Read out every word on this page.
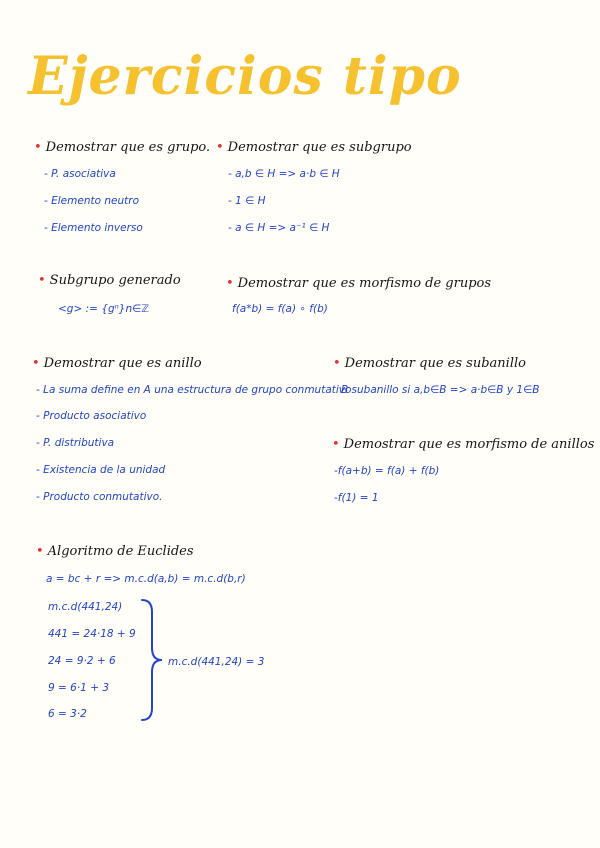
Ejercicios tipo
• Demostrar que es grupo.
- P. asociativa
- Elemento neutro
- Elemento inverso
• Demostrar que es subgrupo
- a,b ∈ H => a·b ∈ H
- 1 ∈ H
- a ∈ H => a⁻¹ ∈ H
• Subgrupo generado
<g> := {gⁿ}n∈ℤ
• Demostrar que es morfismo de grupos
f(a*b) = f(a) ∘ f(b)
• Demostrar que es anillo
- La suma define en A una estructura de grupo conmutativo
- Producto asociativo
- P. distributiva
- Existencia de la unidad
- Producto conmutativo.
• Demostrar que es subanillo
B subanillo si a,b∈B => a·b∈B y 1∈B
• Demostrar que es morfismo de anillos
-f(a+b) = f(a) + f(b)
-f(1) = 1
• Algoritmo de Euclides
a = bc + r => m.c.d(a,b) = m.c.d(b,r)
m.c.d(441,24)
441 = 24·18 + 9
24 = 9·2 + 6
9 = 6·1 + 3
6 = 3·2
m.c.d(441,24) = 3
